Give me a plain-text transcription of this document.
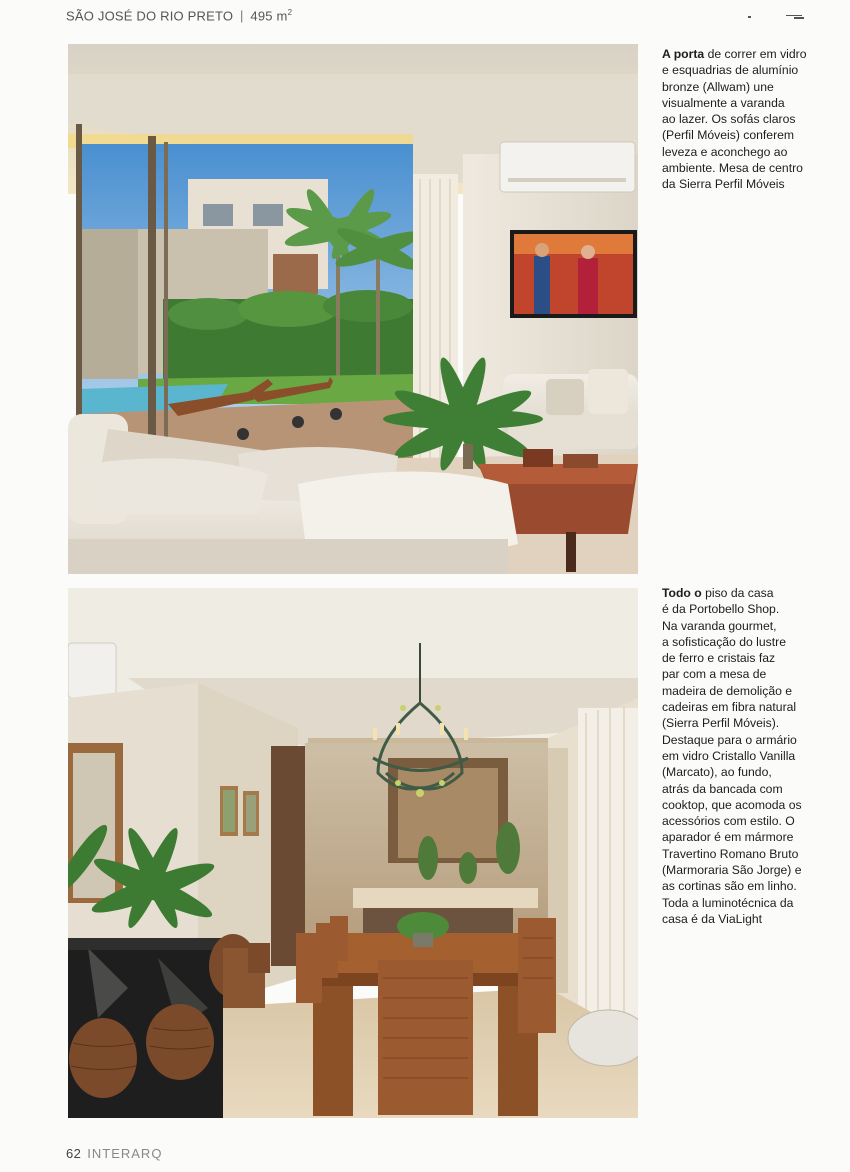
SÃO JOSÉ DO RIO PRETO | 495 $m^2$
A porta de correr em vidro
e esquadrias de alumínio
bronze (Allwam) une
visualmente a varanda
ao lazer. Os sofás claros
(Perfil Móveis) conferem
leveza e aconchego ao
ambiente. Mesa de centro
da Sierra Perfil Móveis
Todo o piso da casa
é da Portobello Shop.
Na varanda gourmet,
a sofisticação do lustre
de ferro e cristais faz
par com a mesa de
madeira de demolição e
cadeiras em fibra natural
(Sierra Perfil Móveis).
Destaque para o armário
em vidro Cristallo Vanilla
(Marcato), ao fundo,
atrás da bancada com
cooktop, que acomoda os
acessórios com estilo. O
aparador é em mármore
Travertino Romano Bruto
(Marmoraria São Jorge) e
as cortinas são em linho.
Toda a luminotécnica da
casa é da ViaLight
62 INTERARQ
